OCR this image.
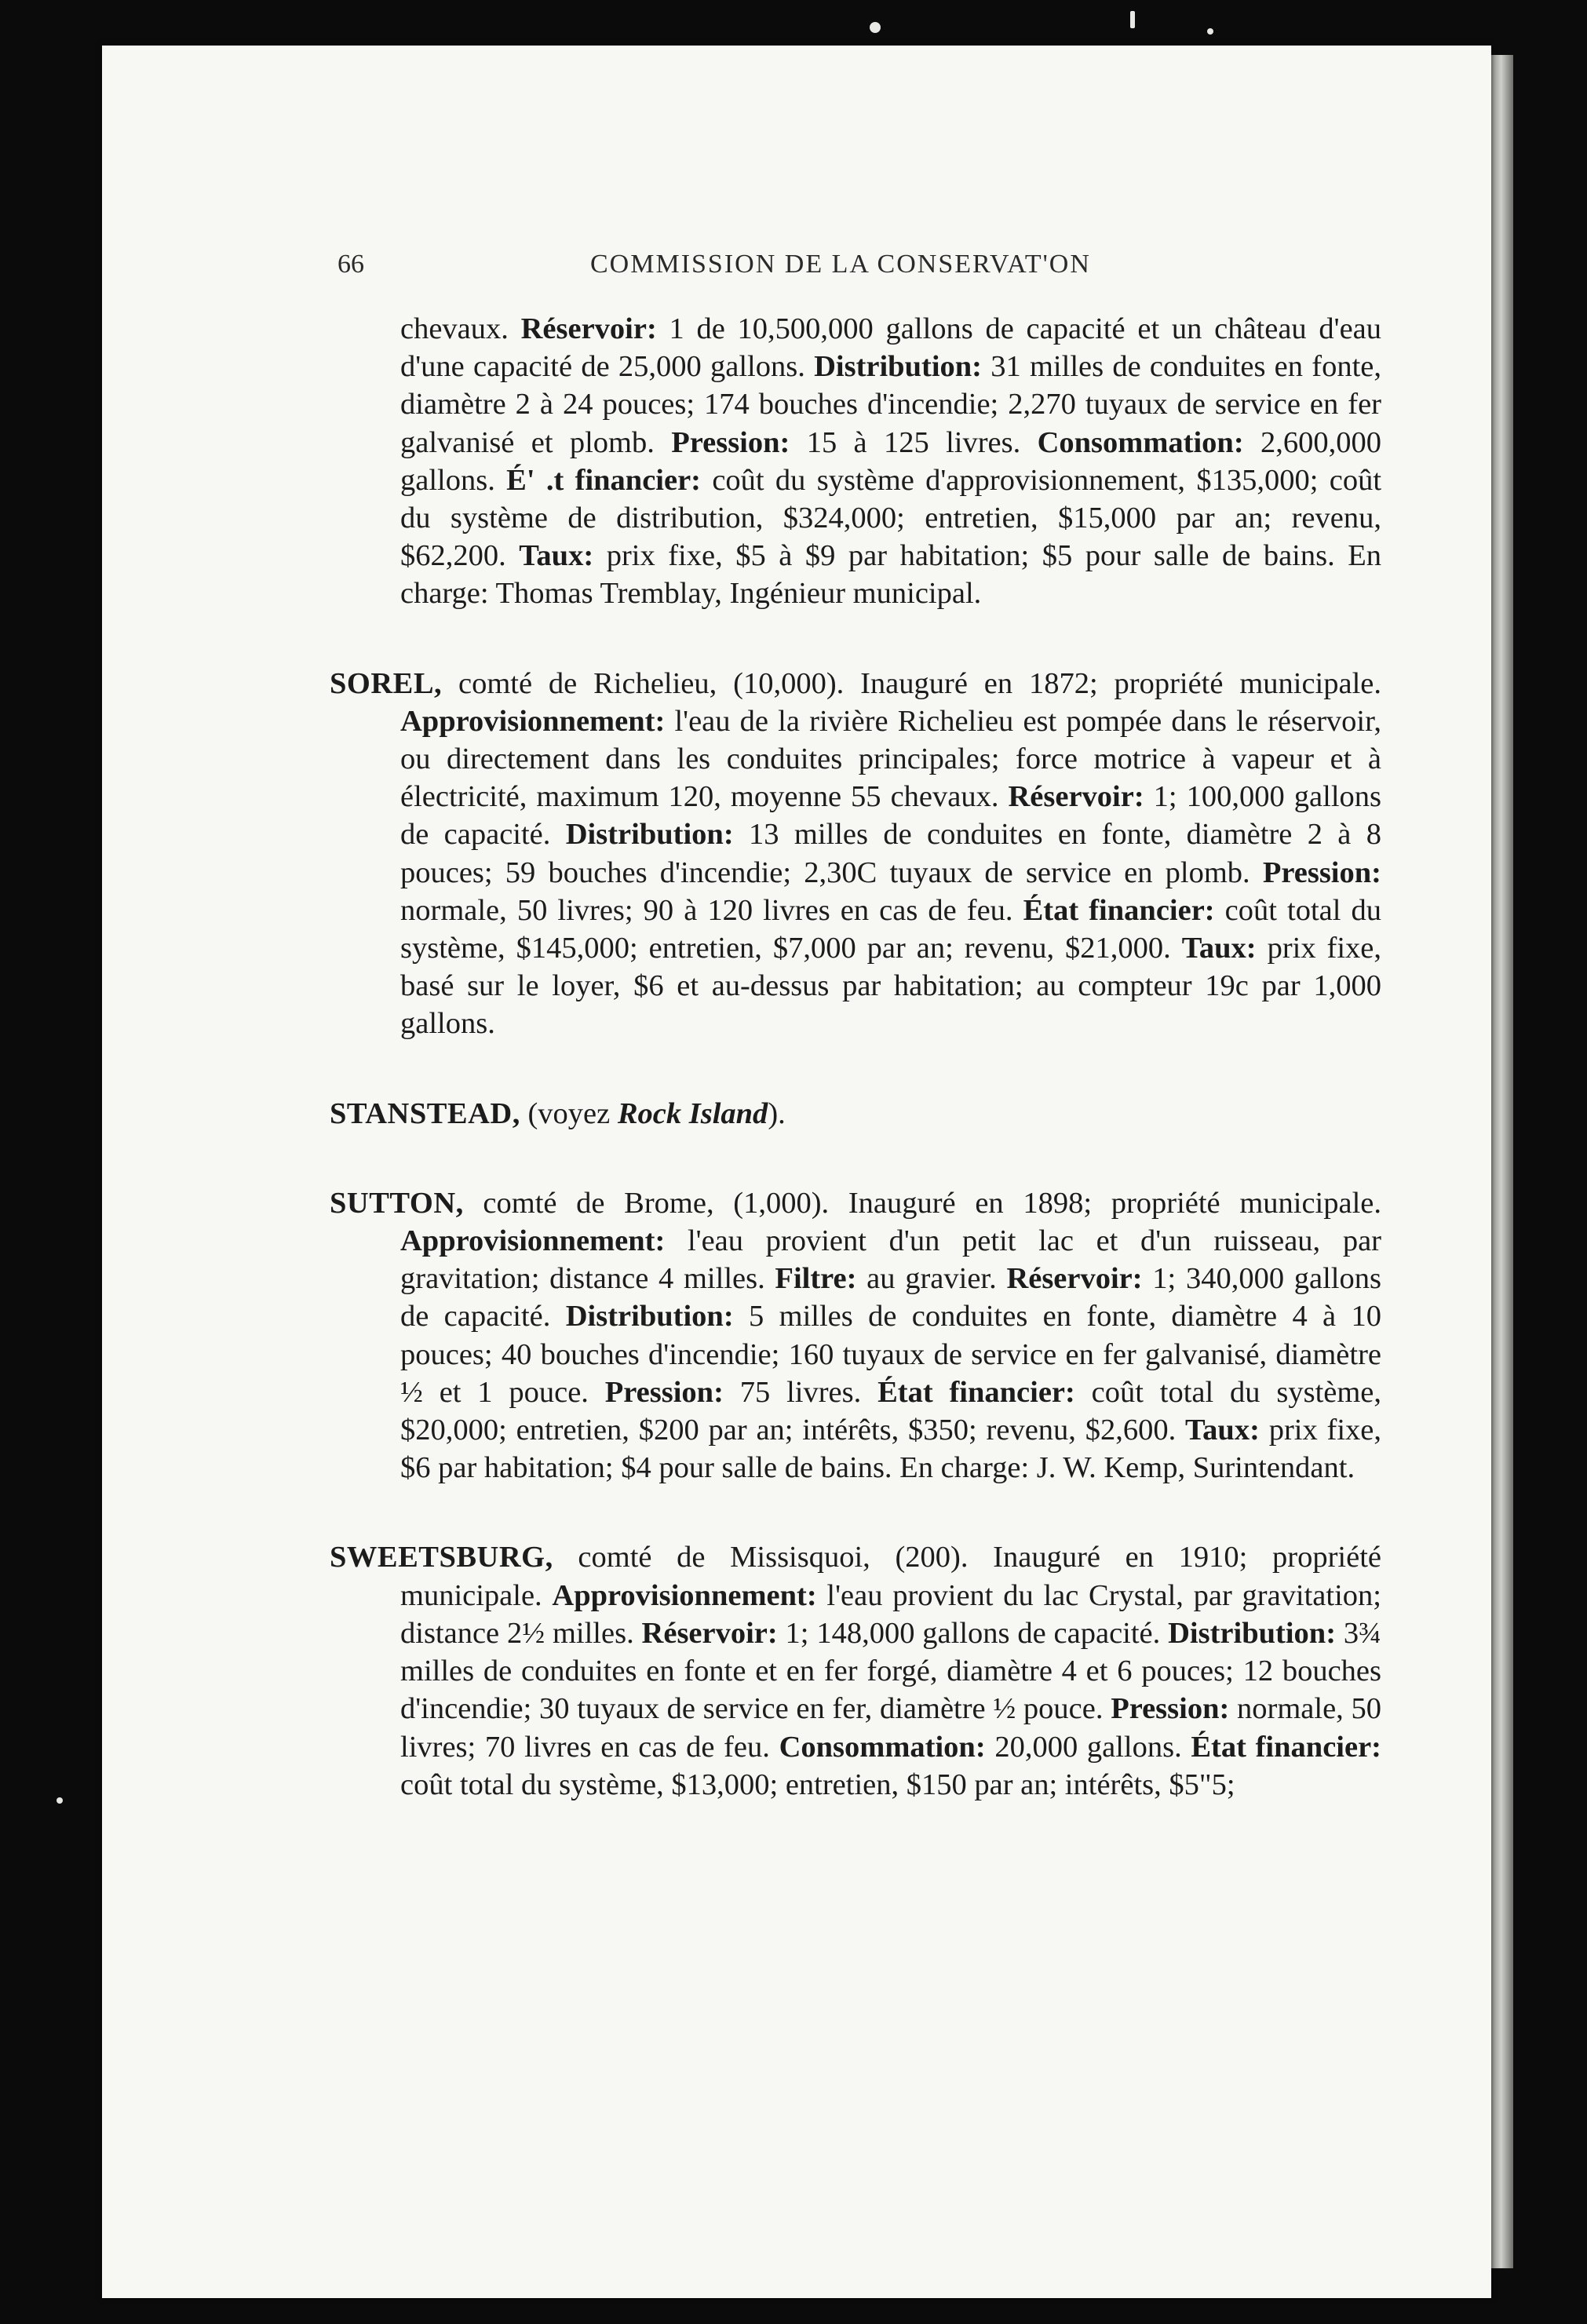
66	COMMISSION DE LA CONSERVAT'ON

chevaux. Réservoir: 1 de 10,500,000 gallons de capacité et un château d'eau d'une capacité de 25,000 gallons. Distribution: 31 milles de conduites en fonte, diamètre 2 à 24 pouces; 174 bouches d'incendie; 2,270 tuyaux de service en fer galvanisé et plomb. Pression: 15 à 125 livres. Consommation: 2,600,000 gallons. É' .t financier: coût du système d'approvisionnement, $135,000; coût du système de distribution, $324,000; entretien, $15,000 par an; revenu, $62,200. Taux: prix fixe, $5 à $9 par habitation; $5 pour salle de bains. En charge: Thomas Tremblay, Ingénieur municipal.

SOREL, comté de Richelieu, (10,000). Inauguré en 1872; propriété municipale. Approvisionnement: l'eau de la rivière Richelieu est pompée dans le réservoir, ou directement dans les conduites principales; force motrice à vapeur et à électricité, maximum 120, moyenne 55 chevaux. Réservoir: 1; 100,000 gallons de capacité. Distribution: 13 milles de conduites en fonte, diamètre 2 à 8 pouces; 59 bouches d'incendie; 2,30C tuyaux de service en plomb. Pression: normale, 50 livres; 90 à 120 livres en cas de feu. État financier: coût total du système, $145,000; entretien, $7,000 par an; revenu, $21,000. Taux: prix fixe, basé sur le loyer, $6 et au-dessus par habitation; au compteur 19c par 1,000 gallons.

STANSTEAD, (voyez Rock Island).

SUTTON, comté de Brome, (1,000). Inauguré en 1898; propriété municipale. Approvisionnement: l'eau provient d'un petit lac et d'un ruisseau, par gravitation; distance 4 milles. Filtre: au gravier. Réservoir: 1; 340,000 gallons de capacité. Distribution: 5 milles de conduites en fonte, diamètre 4 à 10 pouces; 40 bouches d'incendie; 160 tuyaux de service en fer galvanisé, diamètre ½ et 1 pouce. Pression: 75 livres. État financier: coût total du système, $20,000; entretien, $200 par an; intérêts, $350; revenu, $2,600. Taux: prix fixe, $6 par habitation; $4 pour salle de bains. En charge: J. W. Kemp, Surintendant.

SWEETSBURG, comté de Missisquoi, (200). Inauguré en 1910; propriété municipale. Approvisionnement: l'eau provient du lac Crystal, par gravitation; distance 2½ milles. Réservoir: 1; 148,000 gallons de capacité. Distribution: 3¾ milles de conduites en fonte et en fer forgé, diamètre 4 et 6 pouces; 12 bouches d'incendie; 30 tuyaux de service en fer, diamètre ½ pouce. Pression: normale, 50 livres; 70 livres en cas de feu. Consommation: 20,000 gallons. État financier: coût total du système, $13,000; entretien, $150 par an; intérêts, $5"5;
